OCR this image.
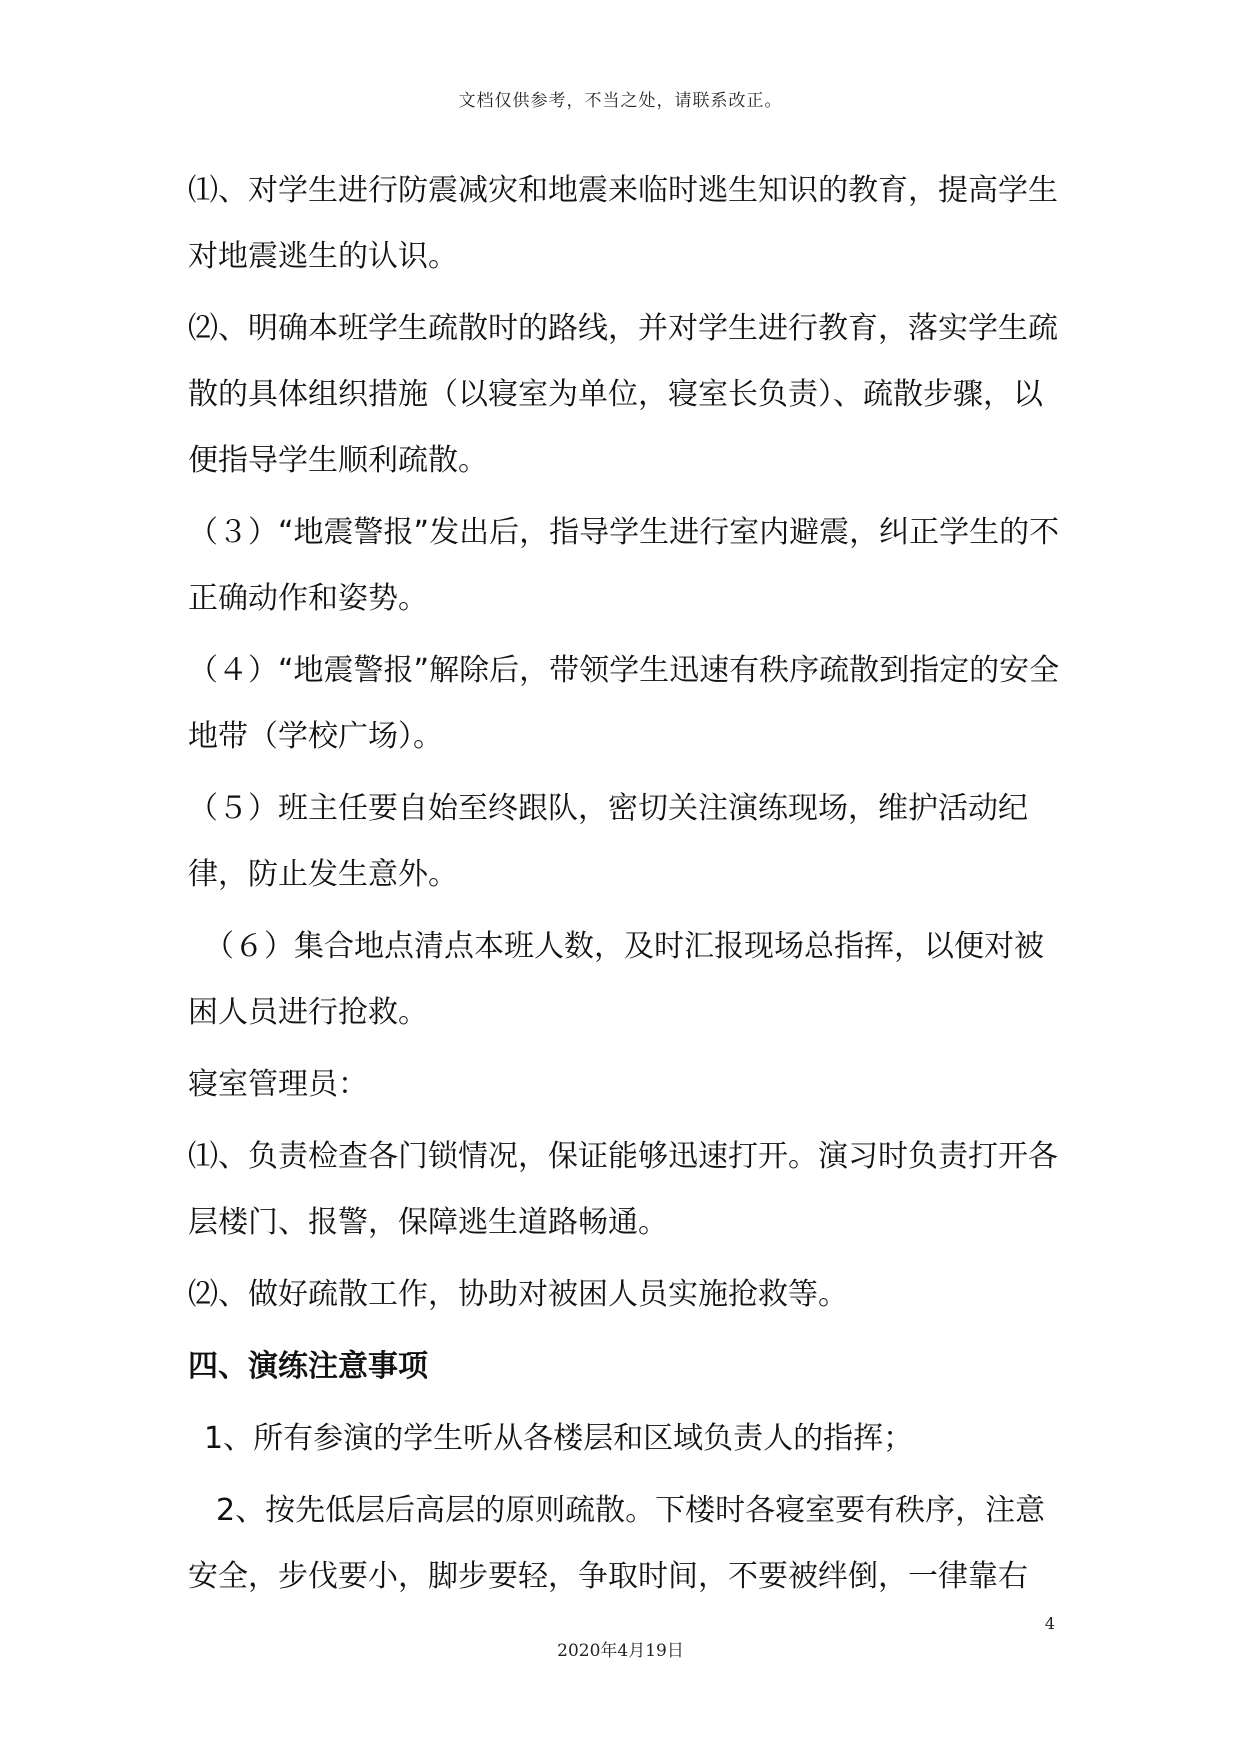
文档仅供参考，不当之处，请联系改正。

⑴、对学生进行防震减灾和地震来临时逃生知识的教育，提高学生对地震逃生的认识。

⑵、明确本班学生疏散时的路线，并对学生进行教育，落实学生疏散的具体组织措施（以寝室为单位，寝室长负责）、疏散步骤，以便指导学生顺利疏散。

（３）“地震警报”发出后，指导学生进行室内避震，纠正学生的不正确动作和姿势。

（４）“地震警报”解除后，带领学生迅速有秩序疏散到指定的安全地带（学校广场）。

（５）班主任要自始至终跟队，密切关注演练现场，维护活动纪律，防止发生意外。

（６）集合地点清点本班人数，及时汇报现场总指挥，以便对被困人员进行抢救。

寝室管理员：

⑴、负责检查各门锁情况，保证能够迅速打开。演习时负责打开各层楼门、报警，保障逃生道路畅通。

⑵、做好疏散工作，协助对被困人员实施抢救等。

四、演练注意事项

1、所有参演的学生听从各楼层和区域负责人的指挥；

2、按先低层后高层的原则疏散。下楼时各寝室要有秩序，注意安全，步伐要小，脚步要轻，争取时间，不要被绊倒，一律靠右

4
2020年4月19日
